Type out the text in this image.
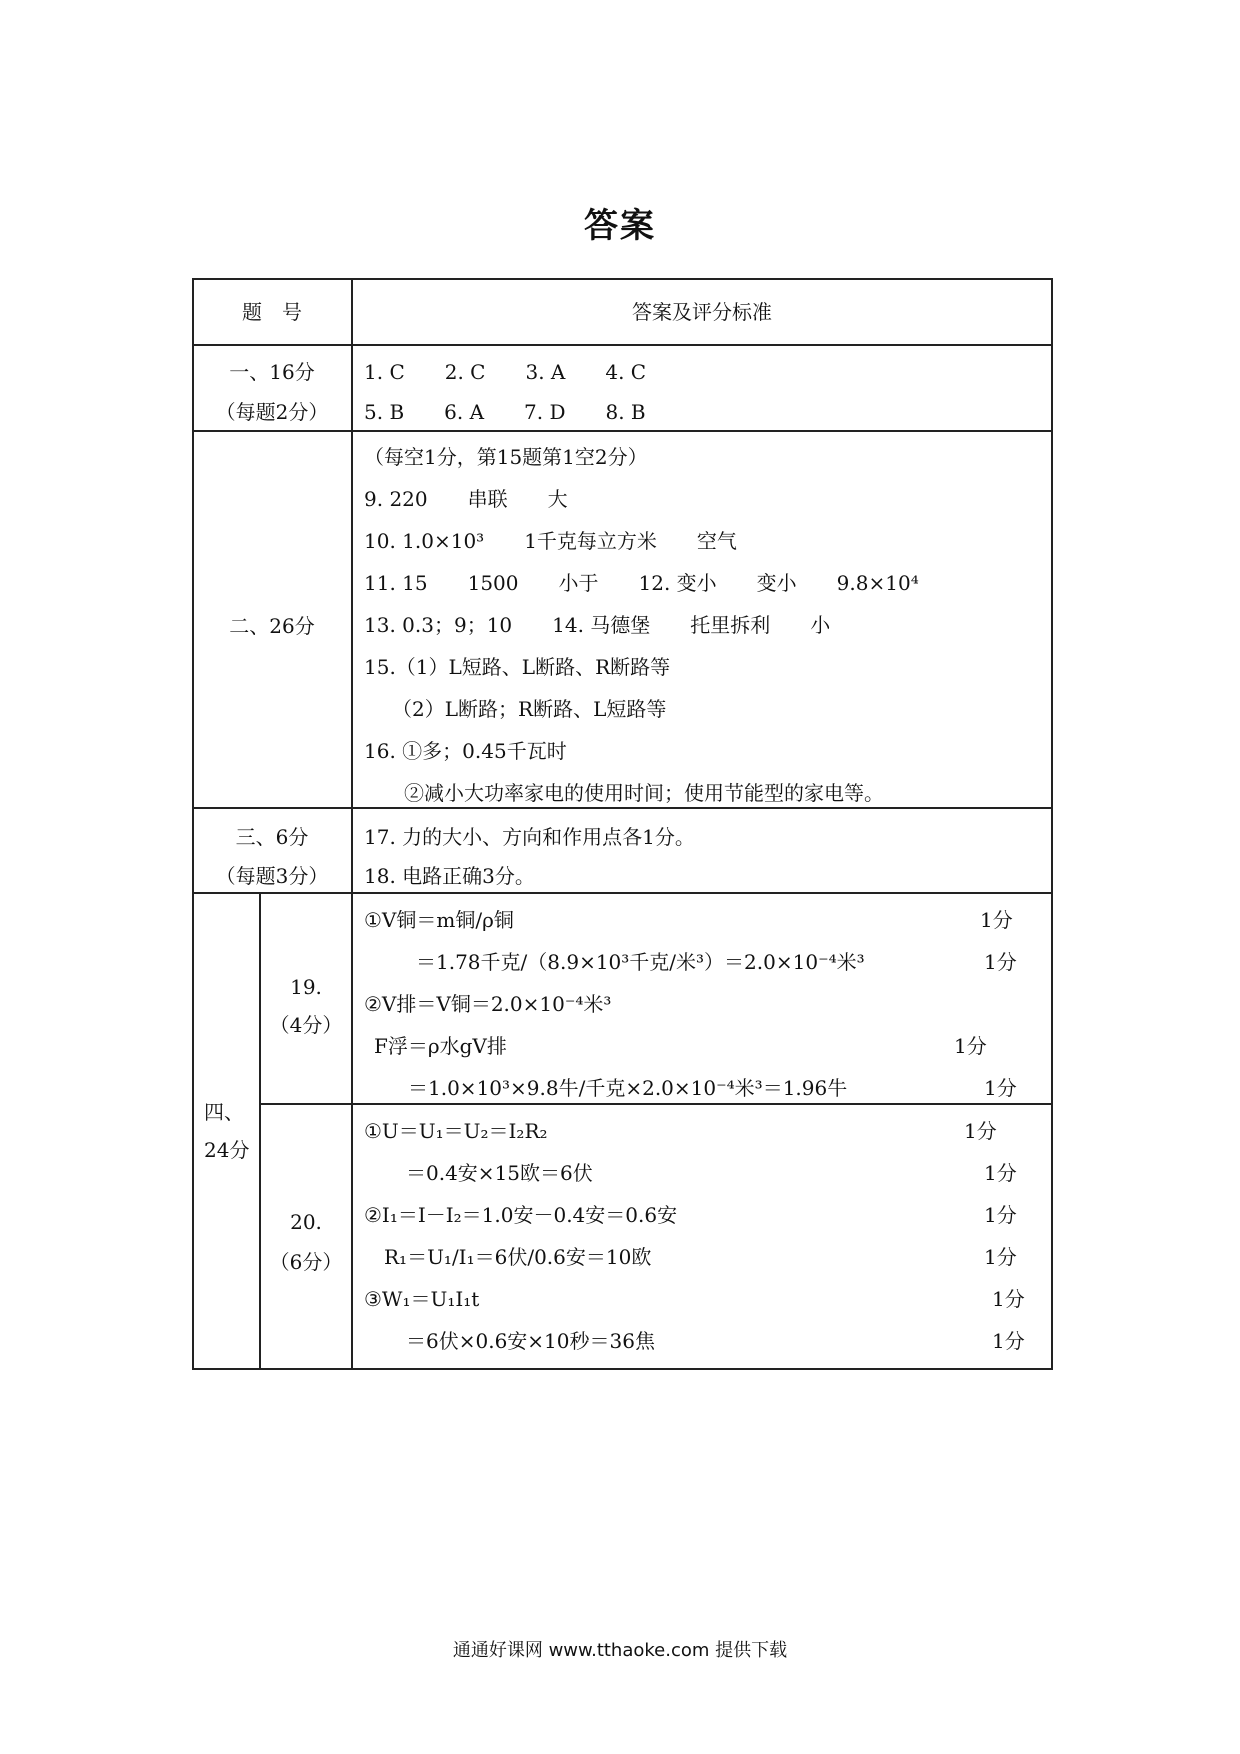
答案
题　号	答案及评分标准
一、16分
（每题2分）
1. C　　2. C　　3. A　　4. C
5. B　　6. A　　7. D　　8. B
二、26分
（每空1分，第15题第1空2分）
9. 220　　串联　　大
10. 1.0×10³　　1千克每立方米　　空气
11. 15　　1500　　小于　　12. 变小　　变小　　9.8×10⁴
13. 0.3；9；10　　14. 马德堡　　托里拆利　　小
15.（1）L短路、L断路、R断路等
（2）L断路；R断路、L短路等
16. ①多；0.45千瓦时
②减小大功率家电的使用时间；使用节能型的家电等。
三、6分
（每题3分）
17. 力的大小、方向和作用点各1分。
18. 电路正确3分。
四、
24分
19.
（4分）
①V铜＝m铜/ρ铜
＝1.78千克/（8.9×10³千克/米³）＝2.0×10⁻⁴米³
②V排＝V铜＝2.0×10⁻⁴米³
F浮＝ρ水gV排
＝1.0×10³×9.8牛/千克×2.0×10⁻⁴米³＝1.96牛
1分
1分
1分
1分
20.
（6分）
①U＝U₁＝U₂＝I₂R₂
＝0.4安×15欧＝6伏
②I₁＝I－I₂＝1.0安－0.4安＝0.6安
R₁＝U₁/I₁＝6伏/0.6安＝10欧
③W₁＝U₁I₁t
＝6伏×0.6安×10秒＝36焦
1分
1分
1分
1分
1分
1分
通通好课网 www.tthaoke.com 提供下载
